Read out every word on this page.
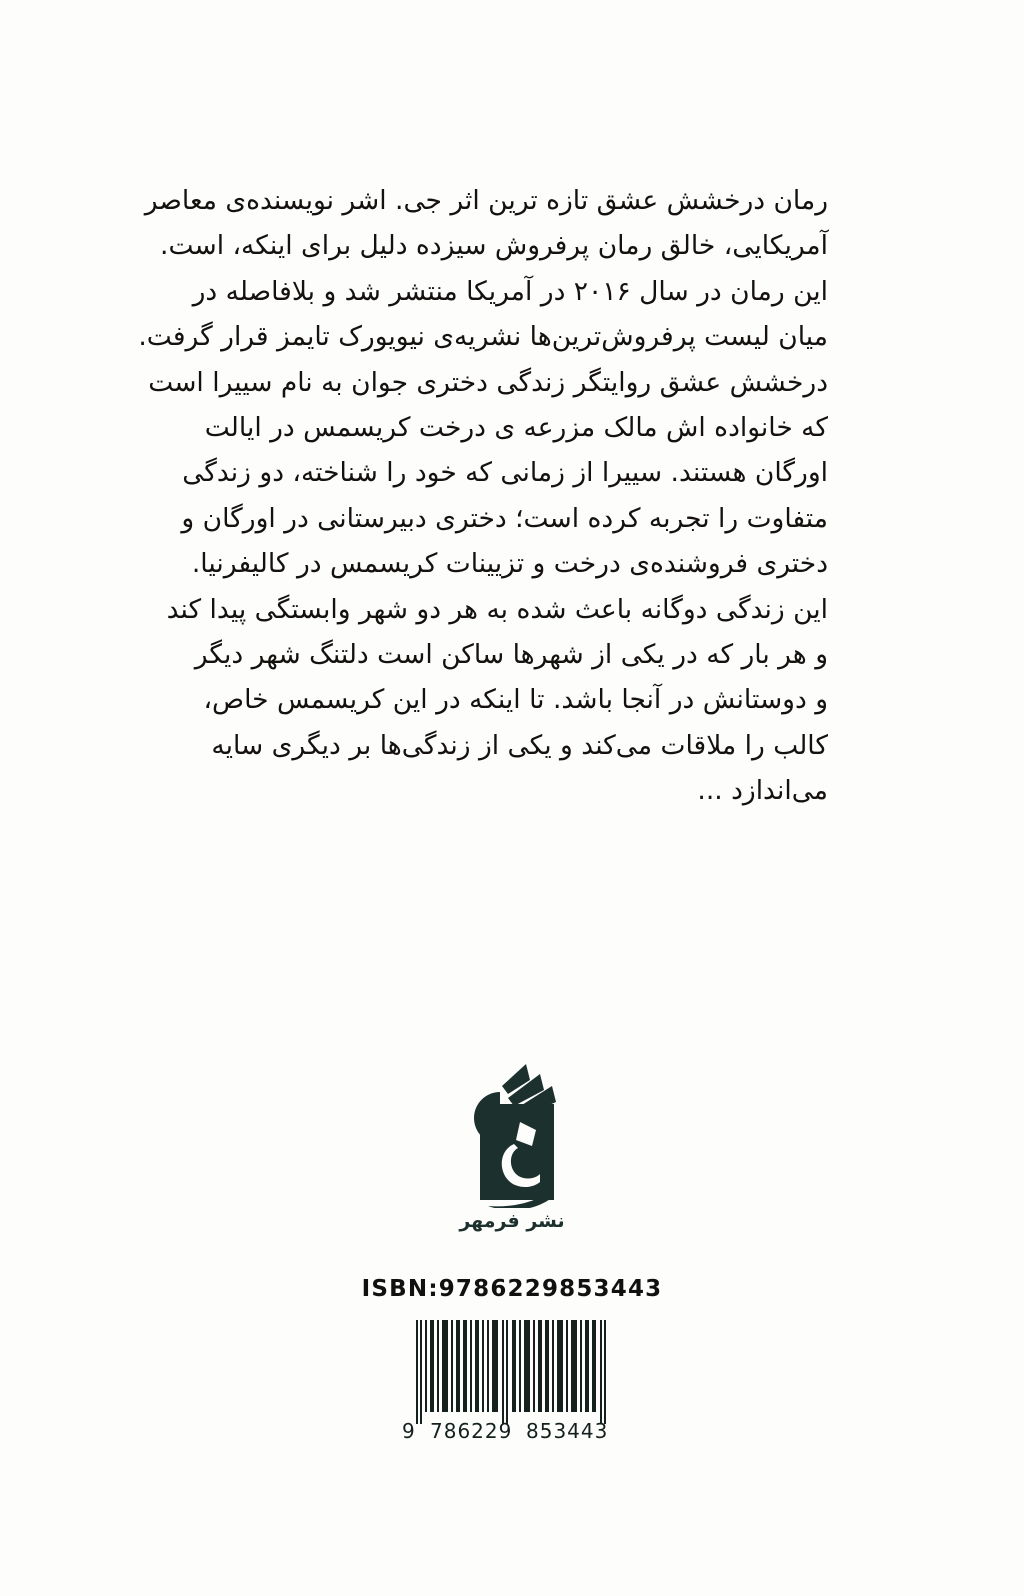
رمان درخشش عشق تازه ترین اثر جی. اشر نویسنده‌ی معاصر
آمریکایی، خالق رمان پرفروش سیزده دلیل برای اینکه، است.
این رمان در سال ۲۰۱۶ در آمریکا منتشر شد و بلافاصله در
میان لیست پرفروش‌ترین‌ها نشریه‌ی نیویورک تایمز قرار گرفت.
درخشش عشق روایتگر زندگی دختری جوان به نام سییرا است
که خانواده اش مالک مزرعه ی درخت کریسمس در ایالت
اورگان هستند. سییرا از زمانی که خود را شناخته، دو زندگی
متفاوت را تجربه کرده است؛ دختری دبیرستانی در اورگان و
دختری فروشنده‌ی درخت و تزیینات کریسمس در کالیفرنیا.
این زندگی دوگانه باعث شده به هر دو شهر وابستگی پیدا کند
و هر بار که در یکی از شهرها ساکن است دلتنگ شهر دیگر
و دوستانش در آنجا باشد. تا اینکه در این کریسمس خاص،
کالب را ملاقات می‌کند و یکی از زندگی‌ها بر دیگری سایه
می‌اندازد ...
نشر فرمهر
ISBN:9786229853443
9 786229 853443
